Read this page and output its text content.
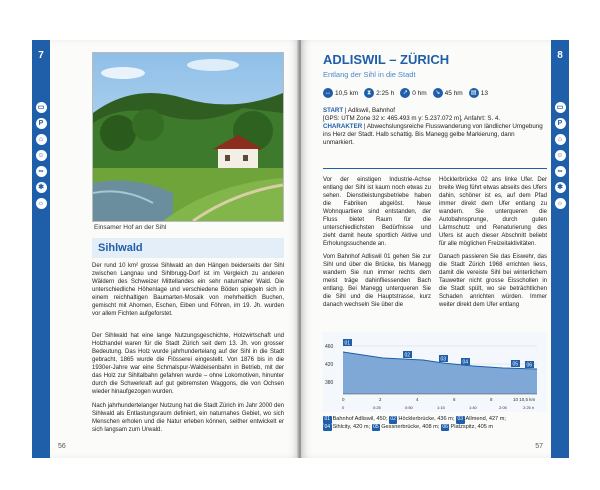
7
▭
P
⌂
☺
∞
✱
☼
Einsamer Hof an der Sihl
Sihlwald
Der rund 10 km² grosse Sihlwald an den Hängen beiderseits der Sihl zwischen Langnau und Sihlbrugg-Dorf ist im Vergleich zu anderen Wäldern des Schweizer Mittellandes ein sehr naturnaher Wald. Die unterschiedliche Höhenlage und verschiedene Böden spiegeln sich in einem reichhaltigen Baumarten-Mosaik von mehrheitlich Buchen, gemischt mit Ahornen, Eschen, Eiben und Föhren, im 19. Jh. wurden vor allem Fichten aufgeforstet.
Der Sihlwald hat eine lange Nutzungsgeschichte, Holzwirtschaft und Holzhandel waren für die Stadt Zürich seit dem 13. Jh. von grosser Bedeutung. Das Holz wurde jahrhundertelang auf der Sihl in die Stadt gebracht, 1865 wurde die Flösserei eingestellt. Von 1876 bis in die 1930er-Jahre war eine Schmalspur-Waldeisenbahn in Betrieb, mit der das Holz zur Sihltalbahn gefahren wurde – ohne Lokomotiven, hinunter durch die Schwerkraft auf gut gebremsten Waggons, die von Ochsen wieder hinaufgezogen wurden.
Nach jahrhundertelanger Nutzung hat die Stadt Zürich im Jahr 2000 den Sihlwald als Entlastungsraum definiert, ein naturnahes Gebiet, wo sich Menschen erholen und die Natur erleben können, seither entwickelt er sich langsam zum Urwald.
56
8
▭
P
⌂
☺
∞
✱
☼
ADLISWIL – ZÜRICH
Entlang der Sihl in die Stadt
↔ 10,5 km	⧗ 2:25 h	↗ 0 hm	↘ 45 hm	▤ 13
START | Adliswil, Bahnhof
[GPS: UTM Zone 32 x: 465.493 m y: 5.237.072 m], Anfahrt: S. 4.
CHARAKTER | Abwechslungsreiche Flusswanderung von ländlicher Umgebung ins Herz der Stadt. Halb schattig. Bis Manegg gelbe Markierung, dann unmarkiert.
Vor der einstigen Industrie-Achse entlang der Sihl ist kaum noch etwas zu sehen. Dienstleistungsbetriebe haben die Fabriken abgelöst. Neue Wohnquartiere sind entstanden, der Fluss bietet Raum für die unterschiedlichsten Bedürfnisse und zieht damit heute sportlich Aktive und Erholungssuchende an.
Vom Bahnhof Adliswil 01 gehen Sie zur Sihl und über die Brücke, bis Manegg wandern Sie nun immer rechts dem meist träge dahinfliessenden Bach entlang. Bei Manegg unterqueren Sie die Sihl und die Hauptstrasse, kurz danach wechseln Sie über die
Höcklerbrücke 02 ans linke Ufer. Der breite Weg führt etwas abseits des Ufers dahin, schöner ist es, auf dem Pfad immer direkt dem Ufer entlang zu wandern. Sie unterqueren die Autobahnsprunge, durch guten Lärmschutz und Renaturierung des Ufers ist auch dieser Abschnitt beliebt für alle möglichen Freizeitaktivitäten.
Danach passieren Sie das Eiswehr, das die Stadt Zürich 1968 errichten liess, damit die vereiste Sihl bei winterlichem Tauwetter nicht grosse Eisschollen in die Stadt spült, wo sie beträchtlichen Schaden anrichten würden. Immer weiter direkt dem Ufer entlang
460
420
380
0	2	4	6	8	10 10,5 km
0	0:25	0:50	1:15	1:40	2:05	2:25 h
01
02
03	04	05 06
01 Bahnhof Adliswil, 450; 02 Höcklerbrücke, 436 m; 03 Allmend, 427 m;
04 Sihlcity, 420 m; 05 Gessnerbrücke, 408 m; 06 Platzspitz, 405 m
57
